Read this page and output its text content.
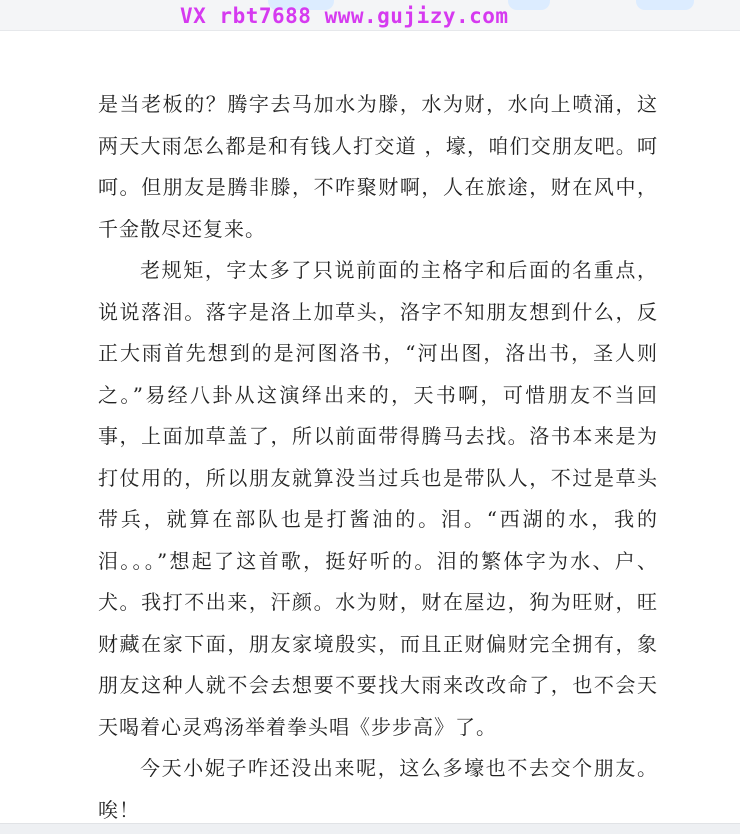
VX rbt7688 www.gujizy.com

是当老板的？腾字去马加水为滕，水为财，水向上喷涌，这两天大雨怎么都是和有钱人打交道 ，壕，咱们交朋友吧。呵呵。但朋友是腾非滕，不咋聚财啊，人在旅途，财在风中，千金散尽还复来。

老规矩，字太多了只说前面的主格字和后面的名重点，说说落泪。落字是洛上加草头，洛字不知朋友想到什么，反正大雨首先想到的是河图洛书，“河出图，洛出书，圣人则之。”易经八卦从这演绎出来的，天书啊，可惜朋友不当回事，上面加草盖了，所以前面带得腾马去找。洛书本来是为打仗用的，所以朋友就算没当过兵也是带队人，不过是草头带兵，就算在部队也是打酱油的。泪。“西湖的水，我的泪。。。”想起了这首歌，挺好听的。泪的繁体字为水、户、犬。我打不出来，汗颜。水为财，财在屋边，狗为旺财，旺财藏在家下面，朋友家境殷实，而且正财偏财完全拥有，象朋友这种人就不会去想要不要找大雨来改改命了，也不会天天喝着心灵鸡汤举着拳头唱《步步高》了。

今天小妮子咋还没出来呢，这么多壕也不去交个朋友。唉！
